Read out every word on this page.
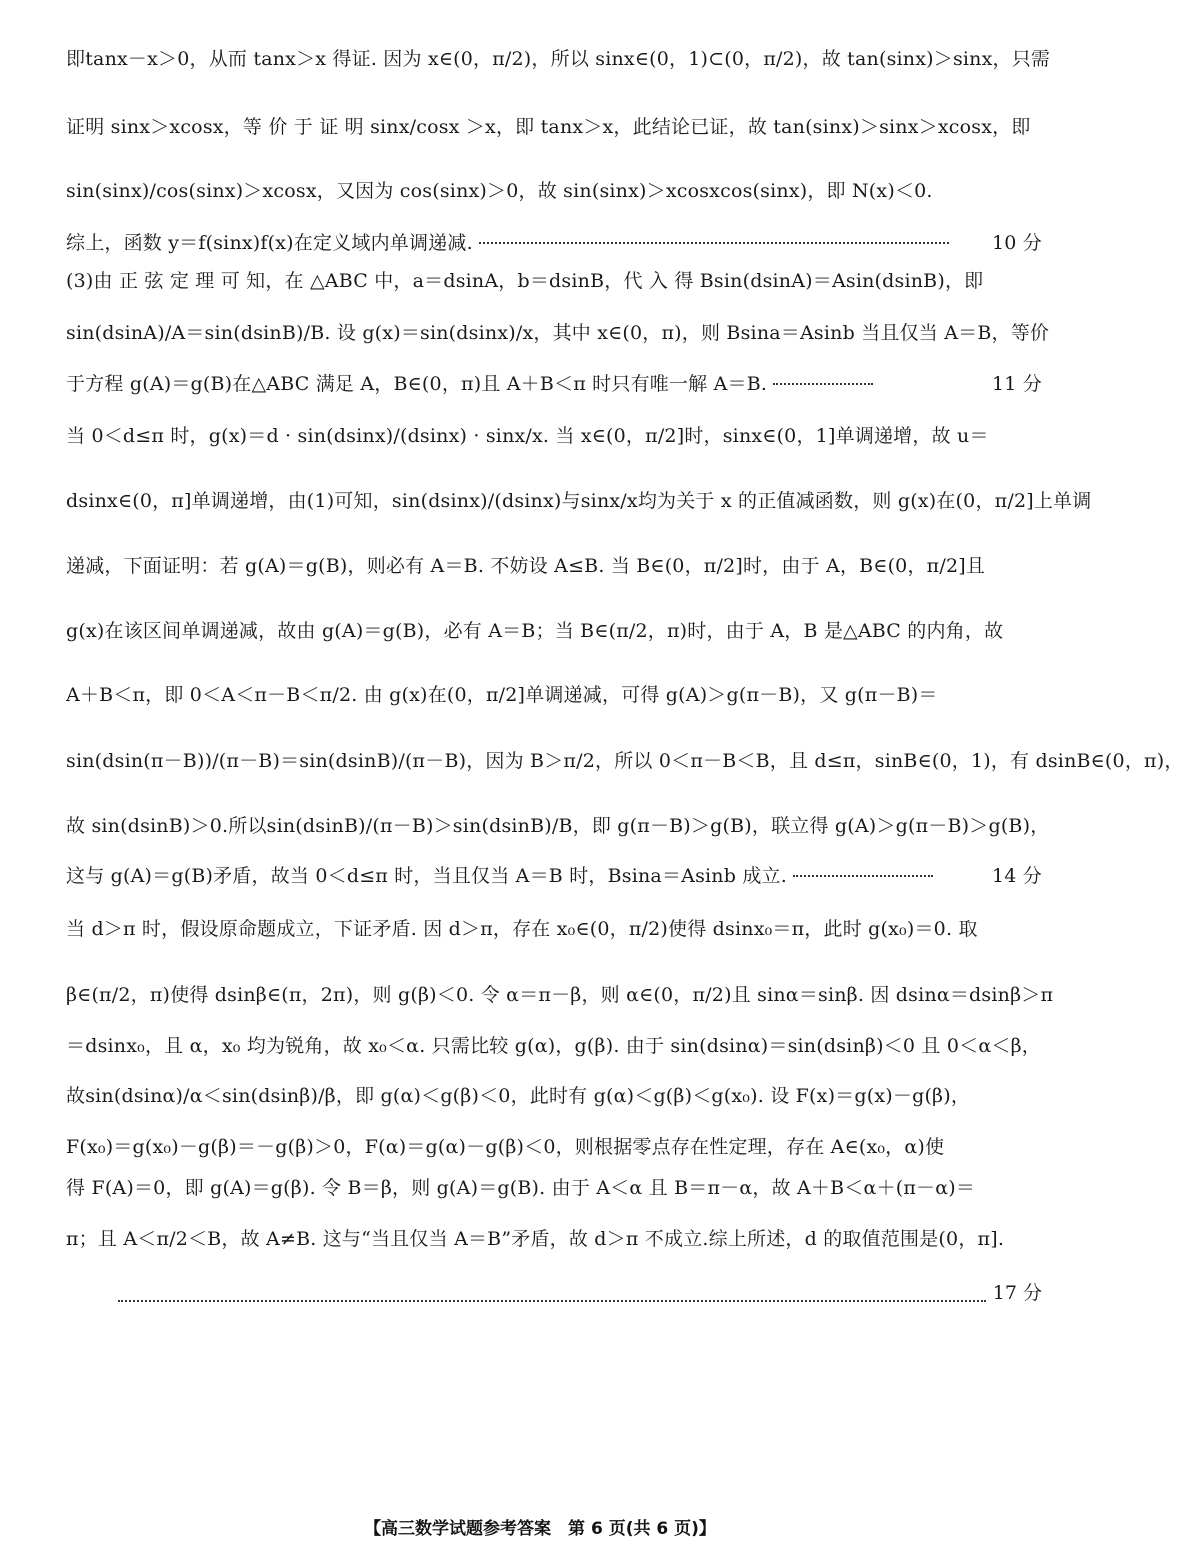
即tanx－x＞0，从而 tanx＞x 得证. 因为 x∈(0，π/2)，所以 sinx∈(0，1)⊂(0，π/2)，故 tan(sinx)＞sinx，只需
证明 sinx＞xcosx，等 价 于 证 明 sinx/cosx ＞x，即 tanx＞x，此结论已证，故 tan(sinx)＞sinx＞xcosx，即
sin(sinx)/cos(sinx)＞xcosx，又因为 cos(sinx)＞0，故 sin(sinx)＞xcosxcos(sinx)，即 N(x)＜0.
综上，函数 y＝f(sinx)f(x)在定义域内单调递减.	10 分
(3)由 正 弦 定 理 可 知，在 △ABC 中，a＝dsinA，b＝dsinB，代 入 得 Bsin(dsinA)＝Asin(dsinB)，即
sin(dsinA)/A＝sin(dsinB)/B. 设 g(x)＝sin(dsinx)/x，其中 x∈(0，π)，则 Bsina＝Asinb 当且仅当 A＝B，等价
于方程 g(A)＝g(B)在△ABC 满足 A，B∈(0，π)且 A＋B＜π 时只有唯一解 A＝B.	11 分
当 0＜d≤π 时，g(x)＝d · sin(dsinx)/(dsinx) · sinx/x. 当 x∈(0，π/2]时，sinx∈(0，1]单调递增，故 u＝
dsinx∈(0，π]单调递增，由(1)可知，sin(dsinx)/(dsinx)与sinx/x均为关于 x 的正值减函数，则 g(x)在(0，π/2]上单调
递减，下面证明：若 g(A)＝g(B)，则必有 A＝B. 不妨设 A≤B. 当 B∈(0，π/2]时，由于 A，B∈(0，π/2]且
g(x)在该区间单调递减，故由 g(A)＝g(B)，必有 A＝B；当 B∈(π/2，π)时，由于 A，B 是△ABC 的内角，故
A＋B＜π，即 0＜A＜π－B＜π/2. 由 g(x)在(0，π/2]单调递减，可得 g(A)＞g(π－B)，又 g(π－B)＝
sin(dsin(π－B))/(π－B)＝sin(dsinB)/(π－B)，因为 B＞π/2，所以 0＜π－B＜B，且 d≤π，sinB∈(0，1)，有 dsinB∈(0，π)，
故 sin(dsinB)＞0.所以sin(dsinB)/(π－B)＞sin(dsinB)/B，即 g(π－B)＞g(B)，联立得 g(A)＞g(π－B)＞g(B)，
这与 g(A)＝g(B)矛盾，故当 0＜d≤π 时，当且仅当 A＝B 时，Bsina＝Asinb 成立.	14 分
当 d＞π 时，假设原命题成立，下证矛盾. 因 d＞π，存在 x₀∈(0，π/2)使得 dsinx₀＝π，此时 g(x₀)＝0. 取
β∈(π/2，π)使得 dsinβ∈(π，2π)，则 g(β)＜0. 令 α＝π－β，则 α∈(0，π/2)且 sinα＝sinβ. 因 dsinα＝dsinβ＞π
＝dsinx₀，且 α，x₀ 均为锐角，故 x₀＜α. 只需比较 g(α)，g(β). 由于 sin(dsinα)＝sin(dsinβ)＜0 且 0＜α＜β，
故sin(dsinα)/α＜sin(dsinβ)/β，即 g(α)＜g(β)＜0，此时有 g(α)＜g(β)＜g(x₀). 设 F(x)＝g(x)－g(β)，
F(x₀)＝g(x₀)－g(β)＝－g(β)＞0，F(α)＝g(α)－g(β)＜0，则根据零点存在性定理，存在 A∈(x₀，α)使
得 F(A)＝0，即 g(A)＝g(β). 令 B＝β，则 g(A)＝g(B). 由于 A＜α 且 B＝π－α，故 A＋B＜α＋(π－α)＝
π；且 A＜π/2＜B，故 A≠B. 这与“当且仅当 A＝B”矛盾，故 d＞π 不成立.综上所述，d 的取值范围是(0，π].
17 分
【高三数学试题参考答案　第 6 页(共 6 页)】
